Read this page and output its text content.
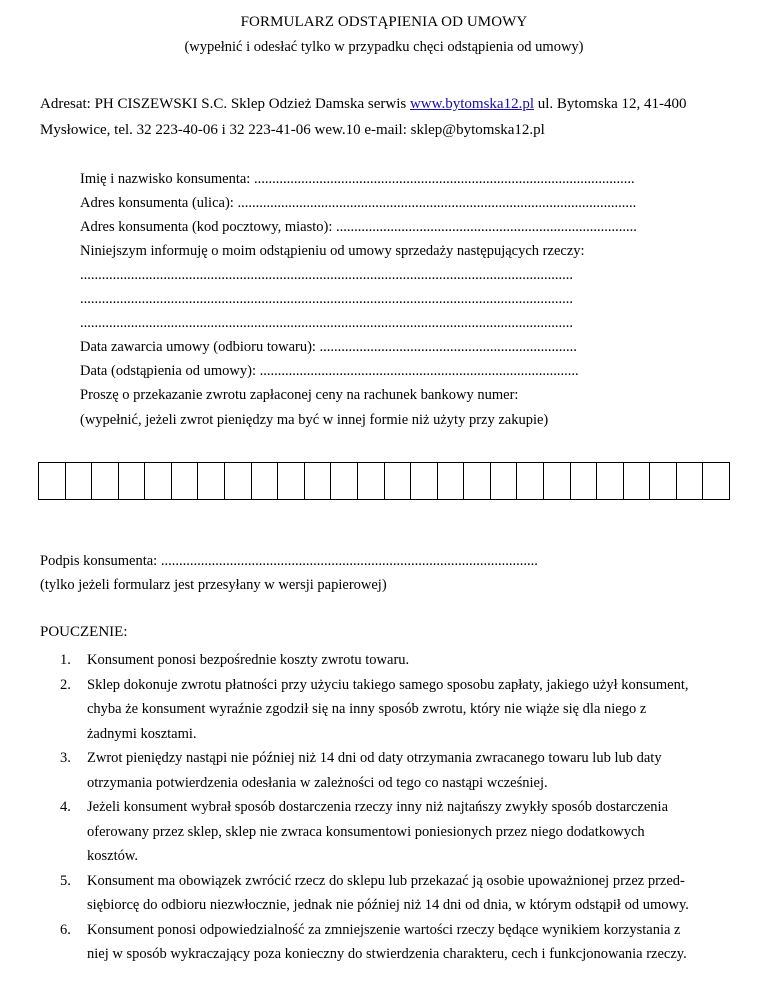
FORMULARZ ODSTĄPIENIA OD UMOWY
(wypełnić i odesłać tylko w przypadku chęci odstąpienia od umowy)
Adresat: PH CISZEWSKI S.C. Sklep Odzież Damska serwis www.bytomska12.pl ul. Bytomska 12, 41-400
Mysłowice, tel. 32 223-40-06 i 32 223-41-06 wew.10 e-mail: sklep@bytomska12.pl
Imię i nazwisko konsumenta: .........................................................................................................
Adres konsumenta (ulica): ..............................................................................................................
Adres konsumenta (kod pocztowy, miasto): ...................................................................................
Niniejszym informuję o moim odstąpieniu od umowy sprzedaży następujących rzeczy:
........................................................................................................................................
........................................................................................................................................
........................................................................................................................................
Data zawarcia umowy (odbioru towaru): .......................................................................
Data (odstąpienia od umowy): ........................................................................................
Proszę o przekazanie zwrotu zapłaconej ceny na rachunek bankowy numer:
(wypełnić, jeżeli zwrot pieniędzy ma być w innej formie niż użyty przy zakupie)
Podpis konsumenta: ........................................................................................................
(tylko jeżeli formularz jest przesyłany w wersji papierowej)
POUCZENIE:
1. Konsument ponosi bezpośrednie koszty zwrotu towaru.
2. Sklep dokonuje zwrotu płatności przy użyciu takiego samego sposobu zapłaty, jakiego użył konsument,
chyba że konsument wyraźnie zgodził się na inny sposób zwrotu, który nie wiąże się dla niego z
żadnymi kosztami.
3. Zwrot pieniędzy nastąpi nie później niż 14 dni od daty otrzymania zwracanego towaru lub lub daty
otrzymania potwierdzenia odesłania w zależności od tego co nastąpi wcześniej.
4. Jeżeli konsument wybrał sposób dostarczenia rzeczy inny niż najtańszy zwykły sposób dostarczenia
oferowany przez sklep, sklep nie zwraca konsumentowi poniesionych przez niego dodatkowych
kosztów.
5. Konsument ma obowiązek zwrócić rzecz do sklepu lub przekazać ją osobie upoważnionej przez przed-
siębiorcę do odbioru niezwłocznie, jednak nie później niż 14 dni od dnia, w którym odstąpił od umowy.
6. Konsument ponosi odpowiedzialność za zmniejszenie wartości rzeczy będące wynikiem korzystania z
niej w sposób wykraczający poza konieczny do stwierdzenia charakteru, cech i funkcjonowania rzeczy.
